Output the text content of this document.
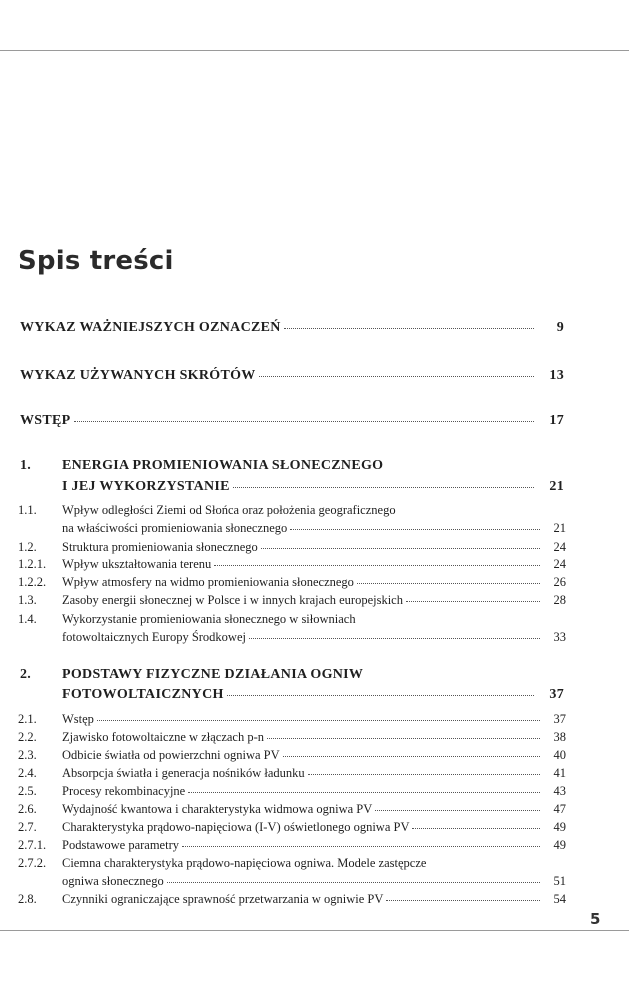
Spis treści
WYKAZ WAŻNIEJSZYCH OZNACZEŃ	9
WYKAZ UŻYWANYCH SKRÓTÓW	13
WSTĘP	17
1.	ENERGIA PROMIENIOWANIA SŁONECZNEGO
I JEJ WYKORZYSTANIE	21
1.1.	Wpływ odległości Ziemi od Słońca oraz położenia geograficznego
na właściwości promieniowania słonecznego	21
1.2.	Struktura promieniowania słonecznego	24
1.2.1.	Wpływ ukształtowania terenu	24
1.2.2.	Wpływ atmosfery na widmo promieniowania słonecznego	26
1.3.	Zasoby energii słonecznej w Polsce i w innych krajach europejskich	28
1.4.	Wykorzystanie promieniowania słonecznego w siłowniach
fotowoltaicznych Europy Środkowej	33
2.	PODSTAWY FIZYCZNE DZIAŁANIA OGNIW
FOTOWOLTAICZNYCH	37
2.1.	Wstęp	37
2.2.	Zjawisko fotowoltaiczne w złączach p-n	38
2.3.	Odbicie światła od powierzchni ogniwa PV	40
2.4.	Absorpcja światła i generacja nośników ładunku	41
2.5.	Procesy rekombinacyjne	43
2.6.	Wydajność kwantowa i charakterystyka widmowa ogniwa PV	47
2.7.	Charakterystyka prądowo-napięciowa (I-V) oświetlonego ogniwa PV	49
2.7.1.	Podstawowe parametry	49
2.7.2.	Ciemna charakterystyka prądowo-napięciowa ogniwa. Modele zastępcze
ogniwa słonecznego	51
2.8.	Czynniki ograniczające sprawność przetwarzania w ogniwie PV	54
5
